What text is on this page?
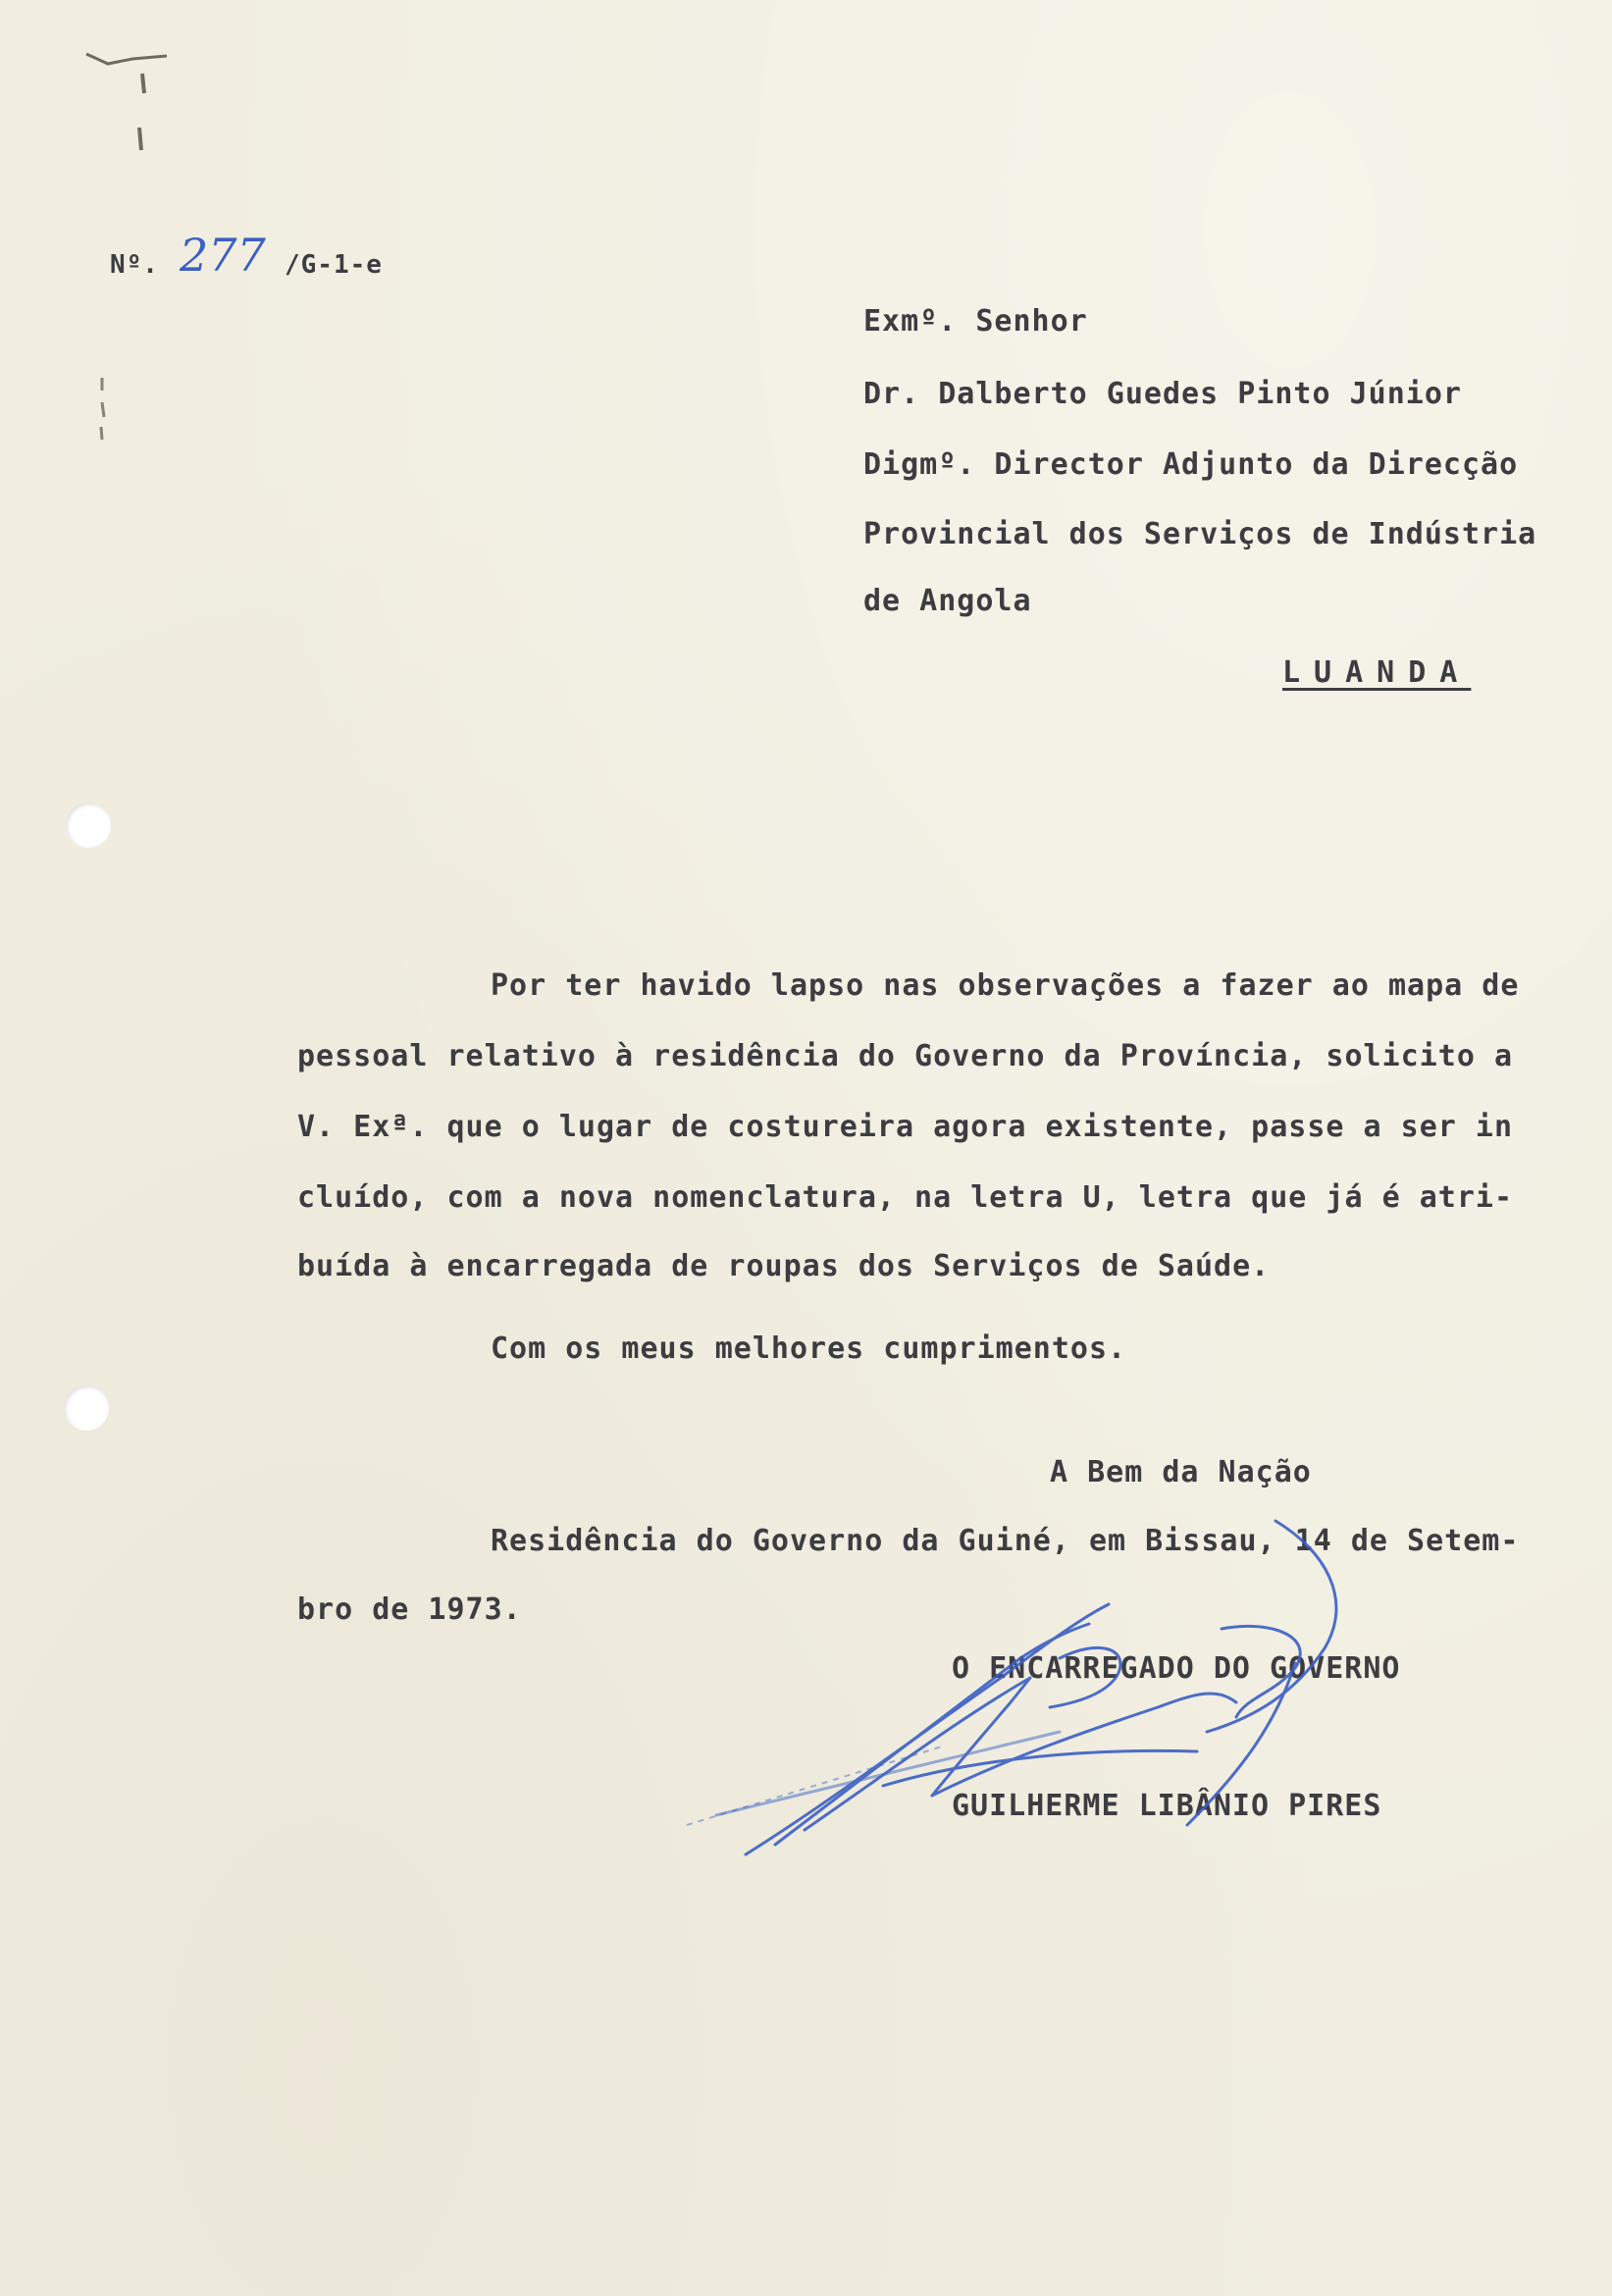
Nº. 277 /G-1-e
Exmº. Senhor
Dr. Dalberto Guedes Pinto Júnior
Digmº. Director Adjunto da Direcção
Provincial dos Serviços de Indústria
de Angola
LUANDA
Por ter havido lapso nas observações a fazer ao mapa de
pessoal relativo à residência do Governo da Província, solicito a
V. Exª. que o lugar de costureira agora existente, passe a ser in
cluído, com a nova nomenclatura, na letra U, letra que já é atri-
buída à encarregada de roupas dos Serviços de Saúde.
Com os meus melhores cumprimentos.
A Bem da Nação
Residência do Governo da Guiné, em Bissau, 14 de Setem-
bro de 1973.
O ENCARREGADO DO GOVERNO
GUILHERME LIBÂNIO PIRES
